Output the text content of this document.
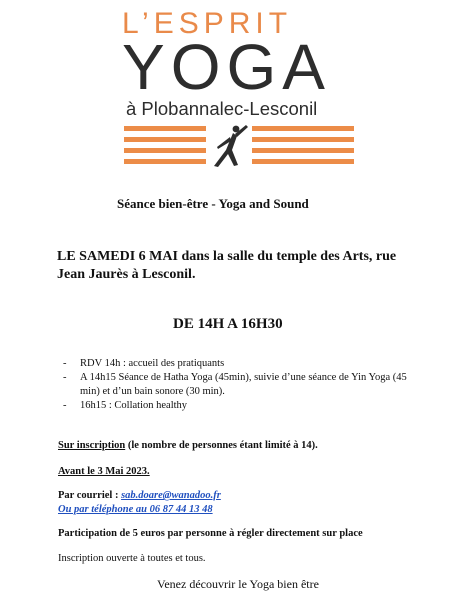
L’ESPRIT
YOGA
à Plobannalec-Lesconil
Séance bien-être - Yoga and Sound
LE SAMEDI 6 MAI dans la salle du temple des Arts, rue
Jean Jaurès à Lesconil.
DE 14H A 16H30
- RDV 14h : accueil des pratiquants
- A 14h15 Séance de Hatha Yoga (45min), suivie d’une séance de Yin Yoga (45 min) et d’un bain sonore (30 min).
- 16h15 : Collation healthy
Sur inscription (le nombre de personnes étant limité à 14).
Avant le 3 Mai 2023.
Par courriel : sab.doare@wanadoo.fr
Ou par téléphone au 06 87 44 13 48
Participation de 5 euros par personne à régler directement sur place
Inscription ouverte à toutes et tous.
Venez découvrir le Yoga bien être
